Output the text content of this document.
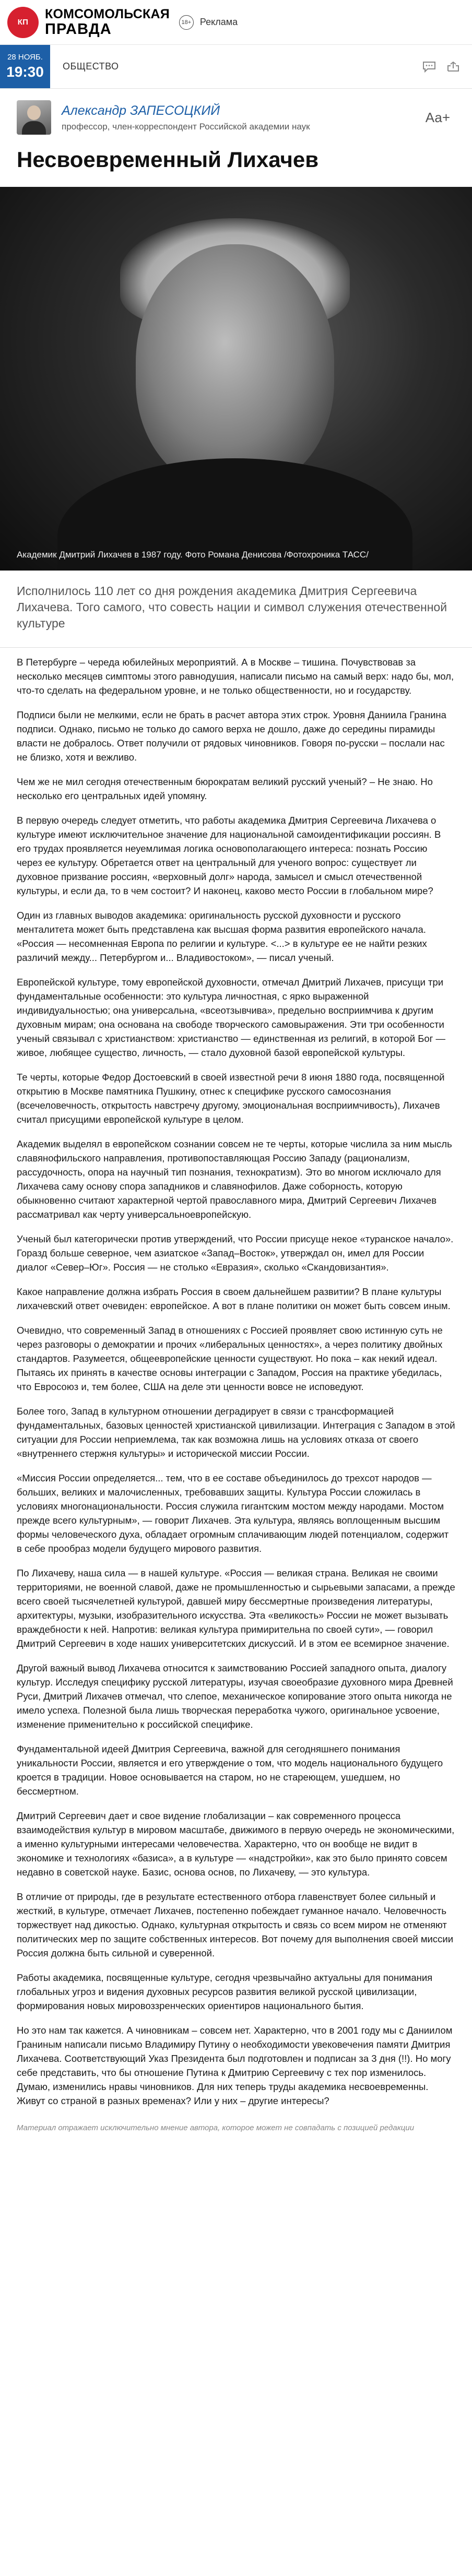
КП
КОМСОМОЛЬСКАЯ
ПРАВДА	18+ Реклама
28 НОЯБ.
19:30	ОБЩЕСТВО
Александр ЗАПЕСОЦКИЙ
профессор, член-корреспондент Российской академии наук
Аа+
Несвоевременный Лихачев
Академик Дмитрий Лихачев в 1987 году. Фото Романа Денисова /Фотохроника ТАСС/
Исполнилось 110 лет со дня рождения академика Дмитрия Сергеевича Лихачева. Того самого, что совесть нации и символ служения отечественной культуре

В Петербурге – череда юбилейных мероприятий. А в Москве – тишина. Почувствовав за несколько месяцев симптомы этого равнодушия, написали письмо на самый верх: надо бы, мол, что-то сделать на федеральном уровне, и не только общественности, но и государству.

Подписи были не мелкими, если не брать в расчет автора этих строк. Уровня Даниила Гранина подписи. Однако, письмо не только до самого верха не дошло, даже до середины пирамиды власти не добралось. Ответ получили от рядовых чиновников. Говоря по-русски – послали нас не близко, хотя и вежливо.

Чем же не мил сегодня отечественным бюрократам великий русский ученый? – Не знаю. Но несколько его центральных идей упомяну.

В первую очередь следует отметить, что работы академика Дмитрия Сергеевича Лихачева о культуре имеют исключительное значение для национальной самоидентификации россиян. В его трудах проявляется неуемлимая логика основополагающего интереса: познать Россию через ее культуру. Обретается ответ на центральный для ученого вопрос: существует ли духовное призвание россиян, «верховный долг» народа, замысел и смысл отечественной культуры, и если да, то в чем состоит? И наконец, каково место России в глобальном мире?

Один из главных выводов академика: оригинальность русской духовности и русского менталитета может быть представлена как высшая форма развития европейского начала. «Россия — несомненная Европа по религии и культуре. <...> в культуре ее не найти резких различий между... Петербургом и... Владивостоком», — писал ученый.

Европейской культуре, тому европейской духовности, отмечал Дмитрий Лихачев, присущи три фундаментальные особенности: это культура личностная, с ярко выраженной индивидуальностью; она универсальна, «всеотзывчива», предельно восприимчива к другим духовным мирам; она основана на свободе творческого самовыражения. Эти три особенности ученый связывал с христианством: христианство — единственная из религий, в которой Бог — живое, любящее существо, личность, — стало духовной базой европейской культуры.

Те черты, которые Федор Достоевский в своей известной речи 8 июня 1880 года, посвященной открытию в Москве памятника Пушкину, отнес к специфике русского самосознания (всечеловечность, открытость навстречу другому, эмоциональная восприимчивость), Лихачев считал присущими европейской культуре в целом.

Академик выделял в европейском сознании совсем не те черты, которые числила за ним мысль славянофильского направления, противопоставляющая Россию Западу (рационализм, рассудочность, опора на научный тип познания, технократизм). Это во многом исключало для Лихачева саму основу спора западников и славянофилов. Даже соборность, которую обыкновенно считают характерной чертой православного мира, Дмитрий Сергеевич Лихачев рассматривал как черту универсальноевропейскую.

Ученый был категорически против утверждений, что России присуще некое «туранское начало». Горазд больше северное, чем азиатское «Запад–Восток», утверждал он, имел для России диалог «Север–Юг». Россия — не столько «Евразия», сколько «Скандовизантия».

Какое направление должна избрать Россия в своем дальнейшем развитии? В плане культуры лихачевский ответ очевиден: европейское. А вот в плане политики он может быть совсем иным.

Очевидно, что современный Запад в отношениях с Россией проявляет свою истинную суть не через разговоры о демократии и прочих «либеральных ценностях», а через политику двойных стандартов. Разумеется, общеевропейские ценности существуют. Но пока – как некий идеал. Пытаясь их принять в качестве основы интеграции с Западом, Россия на практике убедилась, что Евросоюз и, тем более, США на деле эти ценности вовсе не исповедуют.

Более того, Запад в культурном отношении деградирует в связи с трансформацией фундаментальных, базовых ценностей христианской цивилизации. Интеграция с Западом в этой ситуации для России неприемлема, так как возможна лишь на условиях отказа от своего «внутреннего стержня культуры» и исторической миссии России.

«Миссия России определяется... тем, что в ее составе объединилось до трехсот народов — больших, великих и малочисленных, требовавших защиты. Культура России сложилась в условиях многонациональности. Россия служила гигантским мостом между народами. Мостом прежде всего культурным», — говорит Лихачев. Эта культура, являясь воплощенным высшим формы человеческого духа, обладает огромным сплачивающим людей потенциалом, содержит в себе прообраз модели будущего мирового развития.

По Лихачеву, наша сила — в нашей культуре. «Россия — великая страна. Великая не своими территориями, не военной славой, даже не промышленностью и сырьевыми запасами, а прежде всего своей тысячелетней культурой, давшей миру бессмертные произведения литературы, архитектуры, музыки, изобразительного искусства. Эта «великость» России не может вызывать враждебности к ней. Напротив: великая культура примирительна по своей сути», — говорил Дмитрий Сергеевич в ходе наших университетских дискуссий. И в этом ее всемирное значение.

Другой важный вывод Лихачева относится к заимствованию Россией западного опыта, диалогу культур. Исследуя специфику русской литературы, изучая своеобразие духовного мира Древней Руси, Дмитрий Лихачев отмечал, что слепое, механическое копирование этого опыта никогда не имело успеха. Полезной была лишь творческая переработка чужого, оригинальное усвоение, изменение применительно к российской специфике.

Фундаментальной идеей Дмитрия Сергеевича, важной для сегодняшнего понимания уникальности России, является и его утверждение о том, что модель национального будущего кроется в традиции. Новое основывается на старом, но не стареющем, ушедшем, но бессмертном.

Дмитрий Сергеевич дает и свое видение глобализации – как современного процесса взаимодействия культур в мировом масштабе, движимого в первую очередь не экономическими, а именно культурными интересами человечества. Характерно, что он вообще не видит в экономике и технологиях «базиса», а в культуре — «надстройки», как это было принято совсем недавно в советской науке. Базис, основа основ, по Лихачеву, — это культура.

В отличие от природы, где в результате естественного отбора главенствует более сильный и жесткий, в культуре, отмечает Лихачев, постепенно побеждает гуманное начало. Человечность торжествует над дикостью. Однако, культурная открытость и связь со всем миром не отменяют политических мер по защите собственных интересов. Вот почему для выполнения своей миссии Россия должна быть сильной и суверенной.

Работы академика, посвященные культуре, сегодня чрезвычайно актуальны для понимания глобальных угроз и видения духовных ресурсов развития великой русской цивилизации, формирования новых мировоззренческих ориентиров национального бытия.

Но это нам так кажется. А чиновникам – совсем нет. Характерно, что в 2001 году мы с Даниилом Граниным написали письмо Владимиру Путину о необходимости увековечения памяти Дмитрия Лихачева. Соответствующий Указ Президента был подготовлен и подписан за 3 дня (!!). Но могу себе представить, что бы отношение Путина к Дмитрию Сергеевичу с тех пор изменилось. Думаю, изменились нравы чиновников. Для них теперь труды академика несвоевременны. Живут со страной в разных временах? Или у них – другие интересы?

Материал отражает исключительно мнение автора, которое может не совпадать с позицией редакции
